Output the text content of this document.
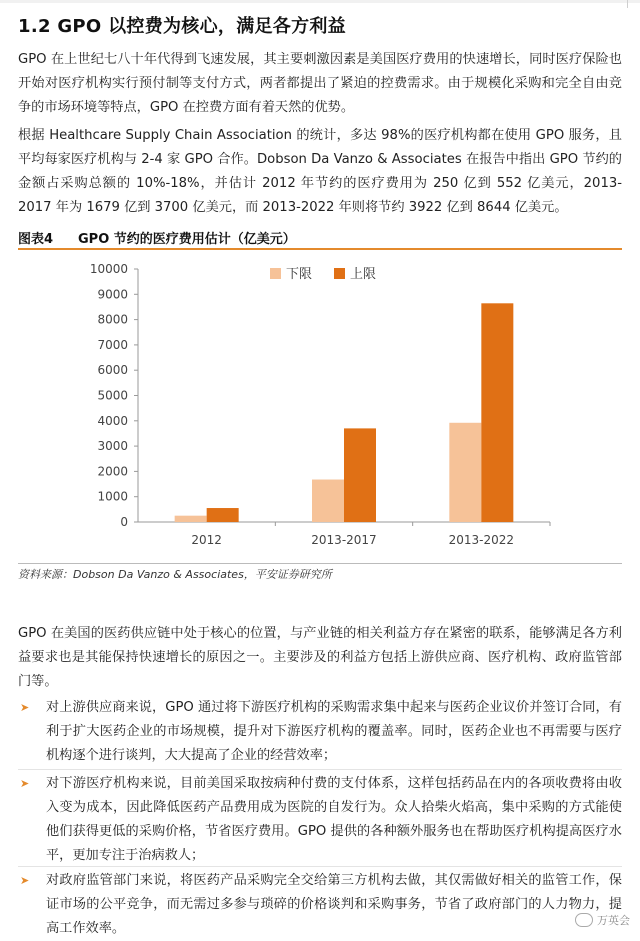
1.2 GPO 以控费为核心，满足各方利益

GPO 在上世纪七八十年代得到飞速发展，其主要刺激因素是美国医疗费用的快速增长，同时医疗保险也开始对医疗机构实行预付制等支付方式，两者都提出了紧迫的控费需求。由于规模化采购和完全自由竞争的市场环境等特点，GPO 在控费方面有着天然的优势。

根据 Healthcare Supply Chain Association 的统计，多达 98%的医疗机构都在使用 GPO 服务，且平均每家医疗机构与 2-4 家 GPO 合作。Dobson Da Vanzo & Associates 在报告中指出 GPO 节约的金额占采购总额的 10%-18%，并估计 2012 年节约的医疗费用为 250 亿到 552 亿美元，2013-2017 年为 1679 亿到 3700 亿美元，而 2013-2022 年则将节约 3922 亿到 8644 亿美元。

图表4 GPO 节约的医疗费用估计（亿美元）
0
1000
2000
3000
4000
5000
6000
7000
8000
9000
10000
2012	2013-2017	2013-2022
下限	上限
资料来源：Dobson Da Vanzo & Associates，平安证券研究所

GPO 在美国的医药供应链中处于核心的位置，与产业链的相关利益方存在紧密的联系，能够满足各方利益要求也是其能保持快速增长的原因之一。主要涉及的利益方包括上游供应商、医疗机构、政府监管部门等。

➤ 对上游供应商来说，GPO 通过将下游医疗机构的采购需求集中起来与医药企业议价并签订合同，有利于扩大医药企业的市场规模，提升对下游医疗机构的覆盖率。同时，医药企业也不再需要与医疗机构逐个进行谈判，大大提高了企业的经营效率；

➤ 对下游医疗机构来说，目前美国采取按病种付费的支付体系，这样包括药品在内的各项收费将由收入变为成本，因此降低医药产品费用成为医院的自发行为。众人拾柴火焰高，集中采购的方式能使他们获得更低的采购价格，节省医疗费用。GPO 提供的各种额外服务也在帮助医疗机构提高医疗水平，更加专注于治病救人；

➤ 对政府监管部门来说，将医药产品采购完全交给第三方机构去做，其仅需做好相关的监管工作，保证市场的公平竞争，而无需过多参与琐碎的价格谈判和采购事务，节省了政府部门的人力物力，提高工作效率。

万英会
